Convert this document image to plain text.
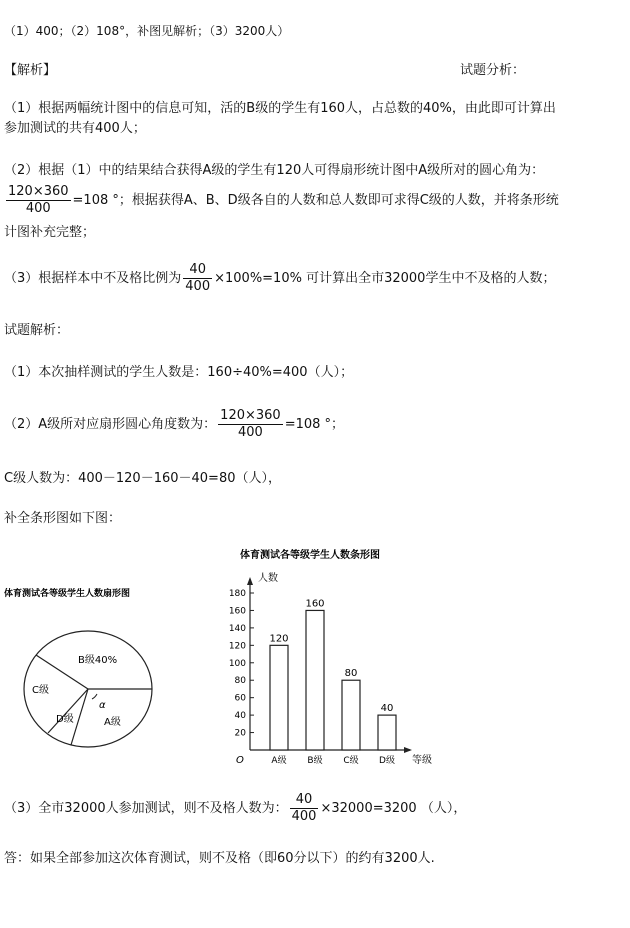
（1）400；（2）108°，补图见解析；（3）3200人）
【解析】	试题分析：
（1）根据两幅统计图中的信息可知，活的B级的学生有160人，占总数的40%，由此即可计算出
参加测试的共有400人；
（2）根据（1）中的结果结合获得A级的学生有120人可得扇形统计图中A级所对的圆心角为：
$\frac{120\times 360}{400} =108$ °；根据获得A、B、D级各自的人数和总人数即可求得C级的人数，并将条形统
计图补充完整；
（3）根据样本中不及格比例为 $\frac{40}{400} \times 100\%=10\%$ 可计算出全市32000学生中不及格的人数；
试题解析：
（1）本次抽样测试的学生人数是：160÷40%=400（人）；
（2）A级所对应扇形圆心角度数为： $\frac{120\times 360}{400} =108$ °；
C级人数为：400－120－160－40=80（人），
补全条形图如下图：
体育测试各等级学生人数扇形图
B级40%
C级
D级	A级
α
体育测试各等级学生人数条形图
人数
等级
O
20
40
60
80
100
120
140
160
180
120
A级
160
B级
80
C级
40
D级
（3）全市32000人参加测试，则不及格人数为： $\frac{40}{400} \times 32000=3200$ （人），
答：如果全部参加这次体育测试，则不及格（即60分以下）的约有3200人.
